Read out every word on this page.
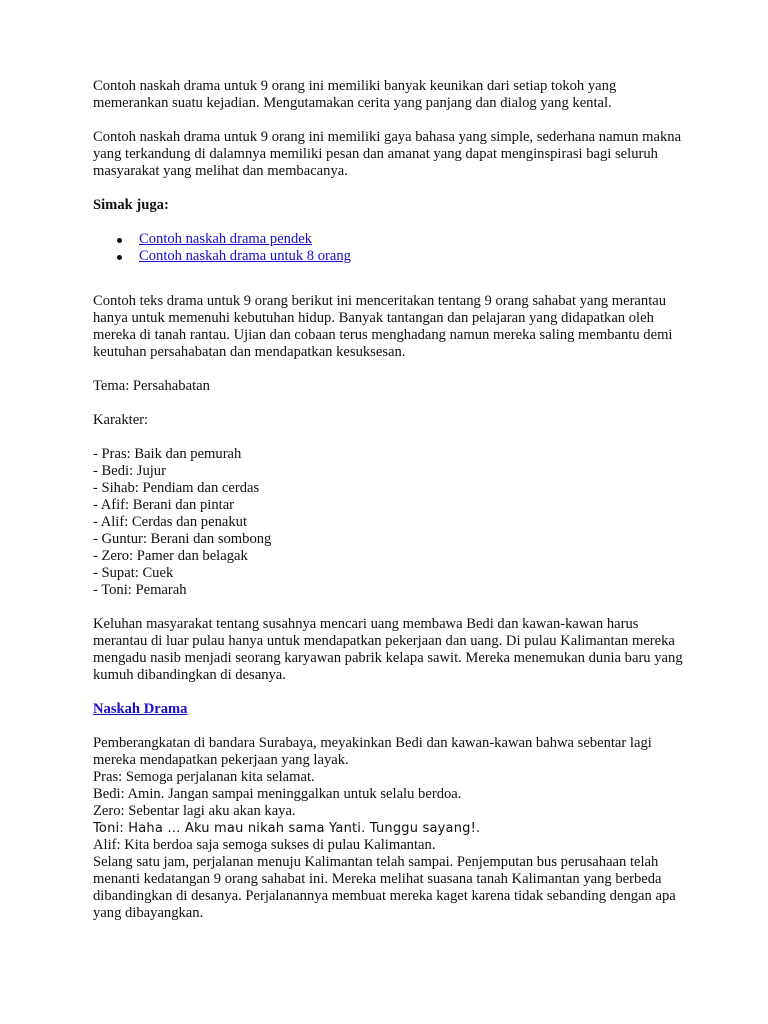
Contoh naskah drama untuk 9 orang ini memiliki banyak keunikan dari setiap tokoh yang memerankan suatu kejadian. Mengutamakan cerita yang panjang dan dialog yang kental.

Contoh naskah drama untuk 9 orang ini memiliki gaya bahasa yang simple, sederhana namun makna yang terkandung di dalamnya memiliki pesan dan amanat yang dapat menginspirasi bagi seluruh masyarakat yang melihat dan membacanya.

Simak juga:

Contoh naskah drama pendek
Contoh naskah drama untuk 8 orang

Contoh teks drama untuk 9 orang berikut ini menceritakan tentang 9 orang sahabat yang merantau hanya untuk memenuhi kebutuhan hidup. Banyak tantangan dan pelajaran yang didapatkan oleh mereka di tanah rantau. Ujian dan cobaan terus menghadang namun mereka saling membantu demi keutuhan persahabatan dan mendapatkan kesuksesan.

Tema: Persahabatan

Karakter:

- Pras: Baik dan pemurah

- Bedi: Jujur

- Sihab: Pendiam dan cerdas

- Afif: Berani dan pintar

- Alif: Cerdas dan penakut

- Guntur: Berani dan sombong

- Zero: Pamer dan belagak

- Supat: Cuek

- Toni: Pemarah

Keluhan masyarakat tentang susahnya mencari uang membawa Bedi dan kawan-kawan harus merantau di luar pulau hanya untuk mendapatkan pekerjaan dan uang. Di pulau Kalimantan mereka mengadu nasib menjadi seorang karyawan pabrik kelapa sawit. Mereka menemukan dunia baru yang kumuh dibandingkan di desanya.

Naskah Drama

Pemberangkatan di bandara Surabaya, meyakinkan Bedi dan kawan-kawan bahwa sebentar lagi mereka mendapatkan pekerjaan yang layak.

Pras: Semoga perjalanan kita selamat.

Bedi: Amin. Jangan sampai meninggalkan untuk selalu berdoa.

Zero: Sebentar lagi aku akan kaya.

Toni: Haha … Aku mau nikah sama Yanti. Tunggu sayang!.

Alif: Kita berdoa saja semoga sukses di pulau Kalimantan.

Selang satu jam, perjalanan menuju Kalimantan telah sampai. Penjemputan bus perusahaan telah menanti kedatangan 9 orang sahabat ini. Mereka melihat suasana tanah Kalimantan yang berbeda dibandingkan di desanya. Perjalanannya membuat mereka kaget karena tidak sebanding dengan apa yang dibayangkan.
